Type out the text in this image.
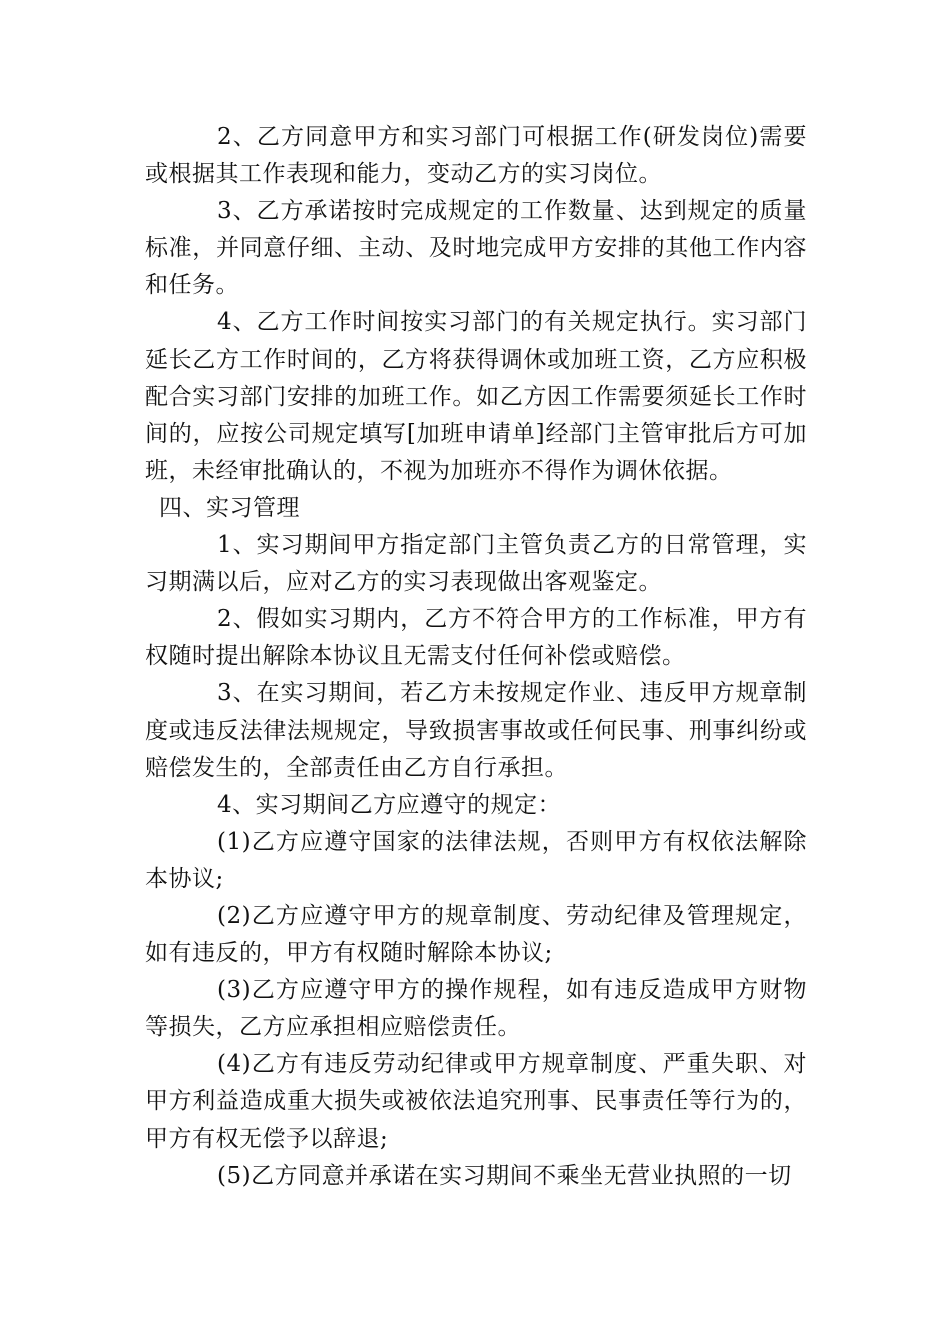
2、乙方同意甲方和实习部门可根据工作(研发岗位)需要或根据其工作表现和能力，变动乙方的实习岗位。

3、乙方承诺按时完成规定的工作数量、达到规定的质量标准，并同意仔细、主动、及时地完成甲方安排的其他工作内容和任务。

4、乙方工作时间按实习部门的有关规定执行。实习部门延长乙方工作时间的，乙方将获得调休或加班工资，乙方应积极配合实习部门安排的加班工作。如乙方因工作需要须延长工作时间的，应按公司规定填写[加班申请单]经部门主管审批后方可加班，未经审批确认的，不视为加班亦不得作为调休依据。

四、实习管理

1、实习期间甲方指定部门主管负责乙方的日常管理，实习期满以后，应对乙方的实习表现做出客观鉴定。

2、假如实习期内，乙方不符合甲方的工作标准，甲方有权随时提出解除本协议且无需支付任何补偿或赔偿。

3、在实习期间，若乙方未按规定作业、违反甲方规章制度或违反法律法规规定，导致损害事故或任何民事、刑事纠纷或赔偿发生的，全部责任由乙方自行承担。

4、实习期间乙方应遵守的规定：

(1)乙方应遵守国家的法律法规，否则甲方有权依法解除本协议;

(2)乙方应遵守甲方的规章制度、劳动纪律及管理规定，如有违反的，甲方有权随时解除本协议;

(3)乙方应遵守甲方的操作规程，如有违反造成甲方财物等损失，乙方应承担相应赔偿责任。

(4)乙方有违反劳动纪律或甲方规章制度、严重失职、对甲方利益造成重大损失或被依法追究刑事、民事责任等行为的，甲方有权无偿予以辞退;

(5)乙方同意并承诺在实习期间不乘坐无营业执照的一切
